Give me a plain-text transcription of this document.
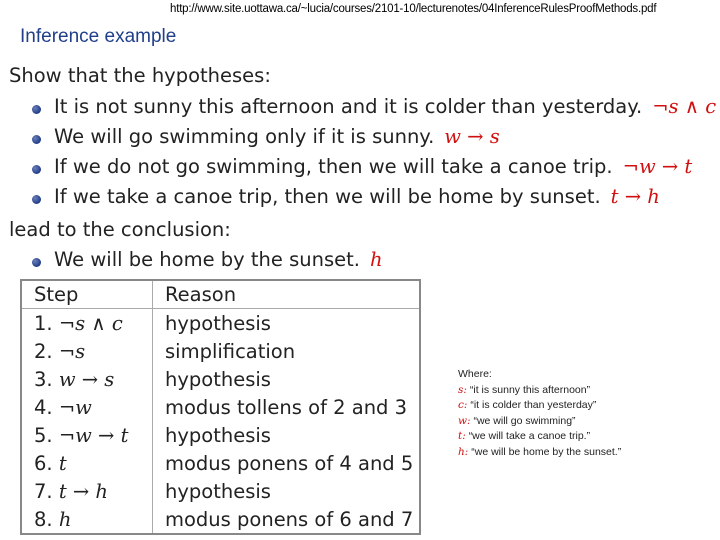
http://www.site.uottawa.ca/~lucia/courses/2101-10/lecturenotes/04InferenceRulesProofMethods.pdf
Inference example
Show that the hypotheses:
It is not sunny this afternoon and it is colder than yesterday. ¬s ∧ c
We will go swimming only if it is sunny. w → s
If we do not go swimming, then we will take a canoe trip. ¬w → t
If we take a canoe trip, then we will be home by sunset. t → h
lead to the conclusion:
We will be home by the sunset. h
Step	Reason
1. ¬s ∧ c	hypothesis
2. ¬s	simplification
3. w → s	hypothesis
4. ¬w	modus tollens of 2 and 3
5. ¬w → t	hypothesis
6. t	modus ponens of 4 and 5
7. t → h	hypothesis
8. h	modus ponens of 6 and 7
Where:
s: “it is sunny this afternoon”
c: “it is colder than yesterday”
w: “we will go swimming”
t: “we will take a canoe trip.”
h: “we will be home by the sunset.”
